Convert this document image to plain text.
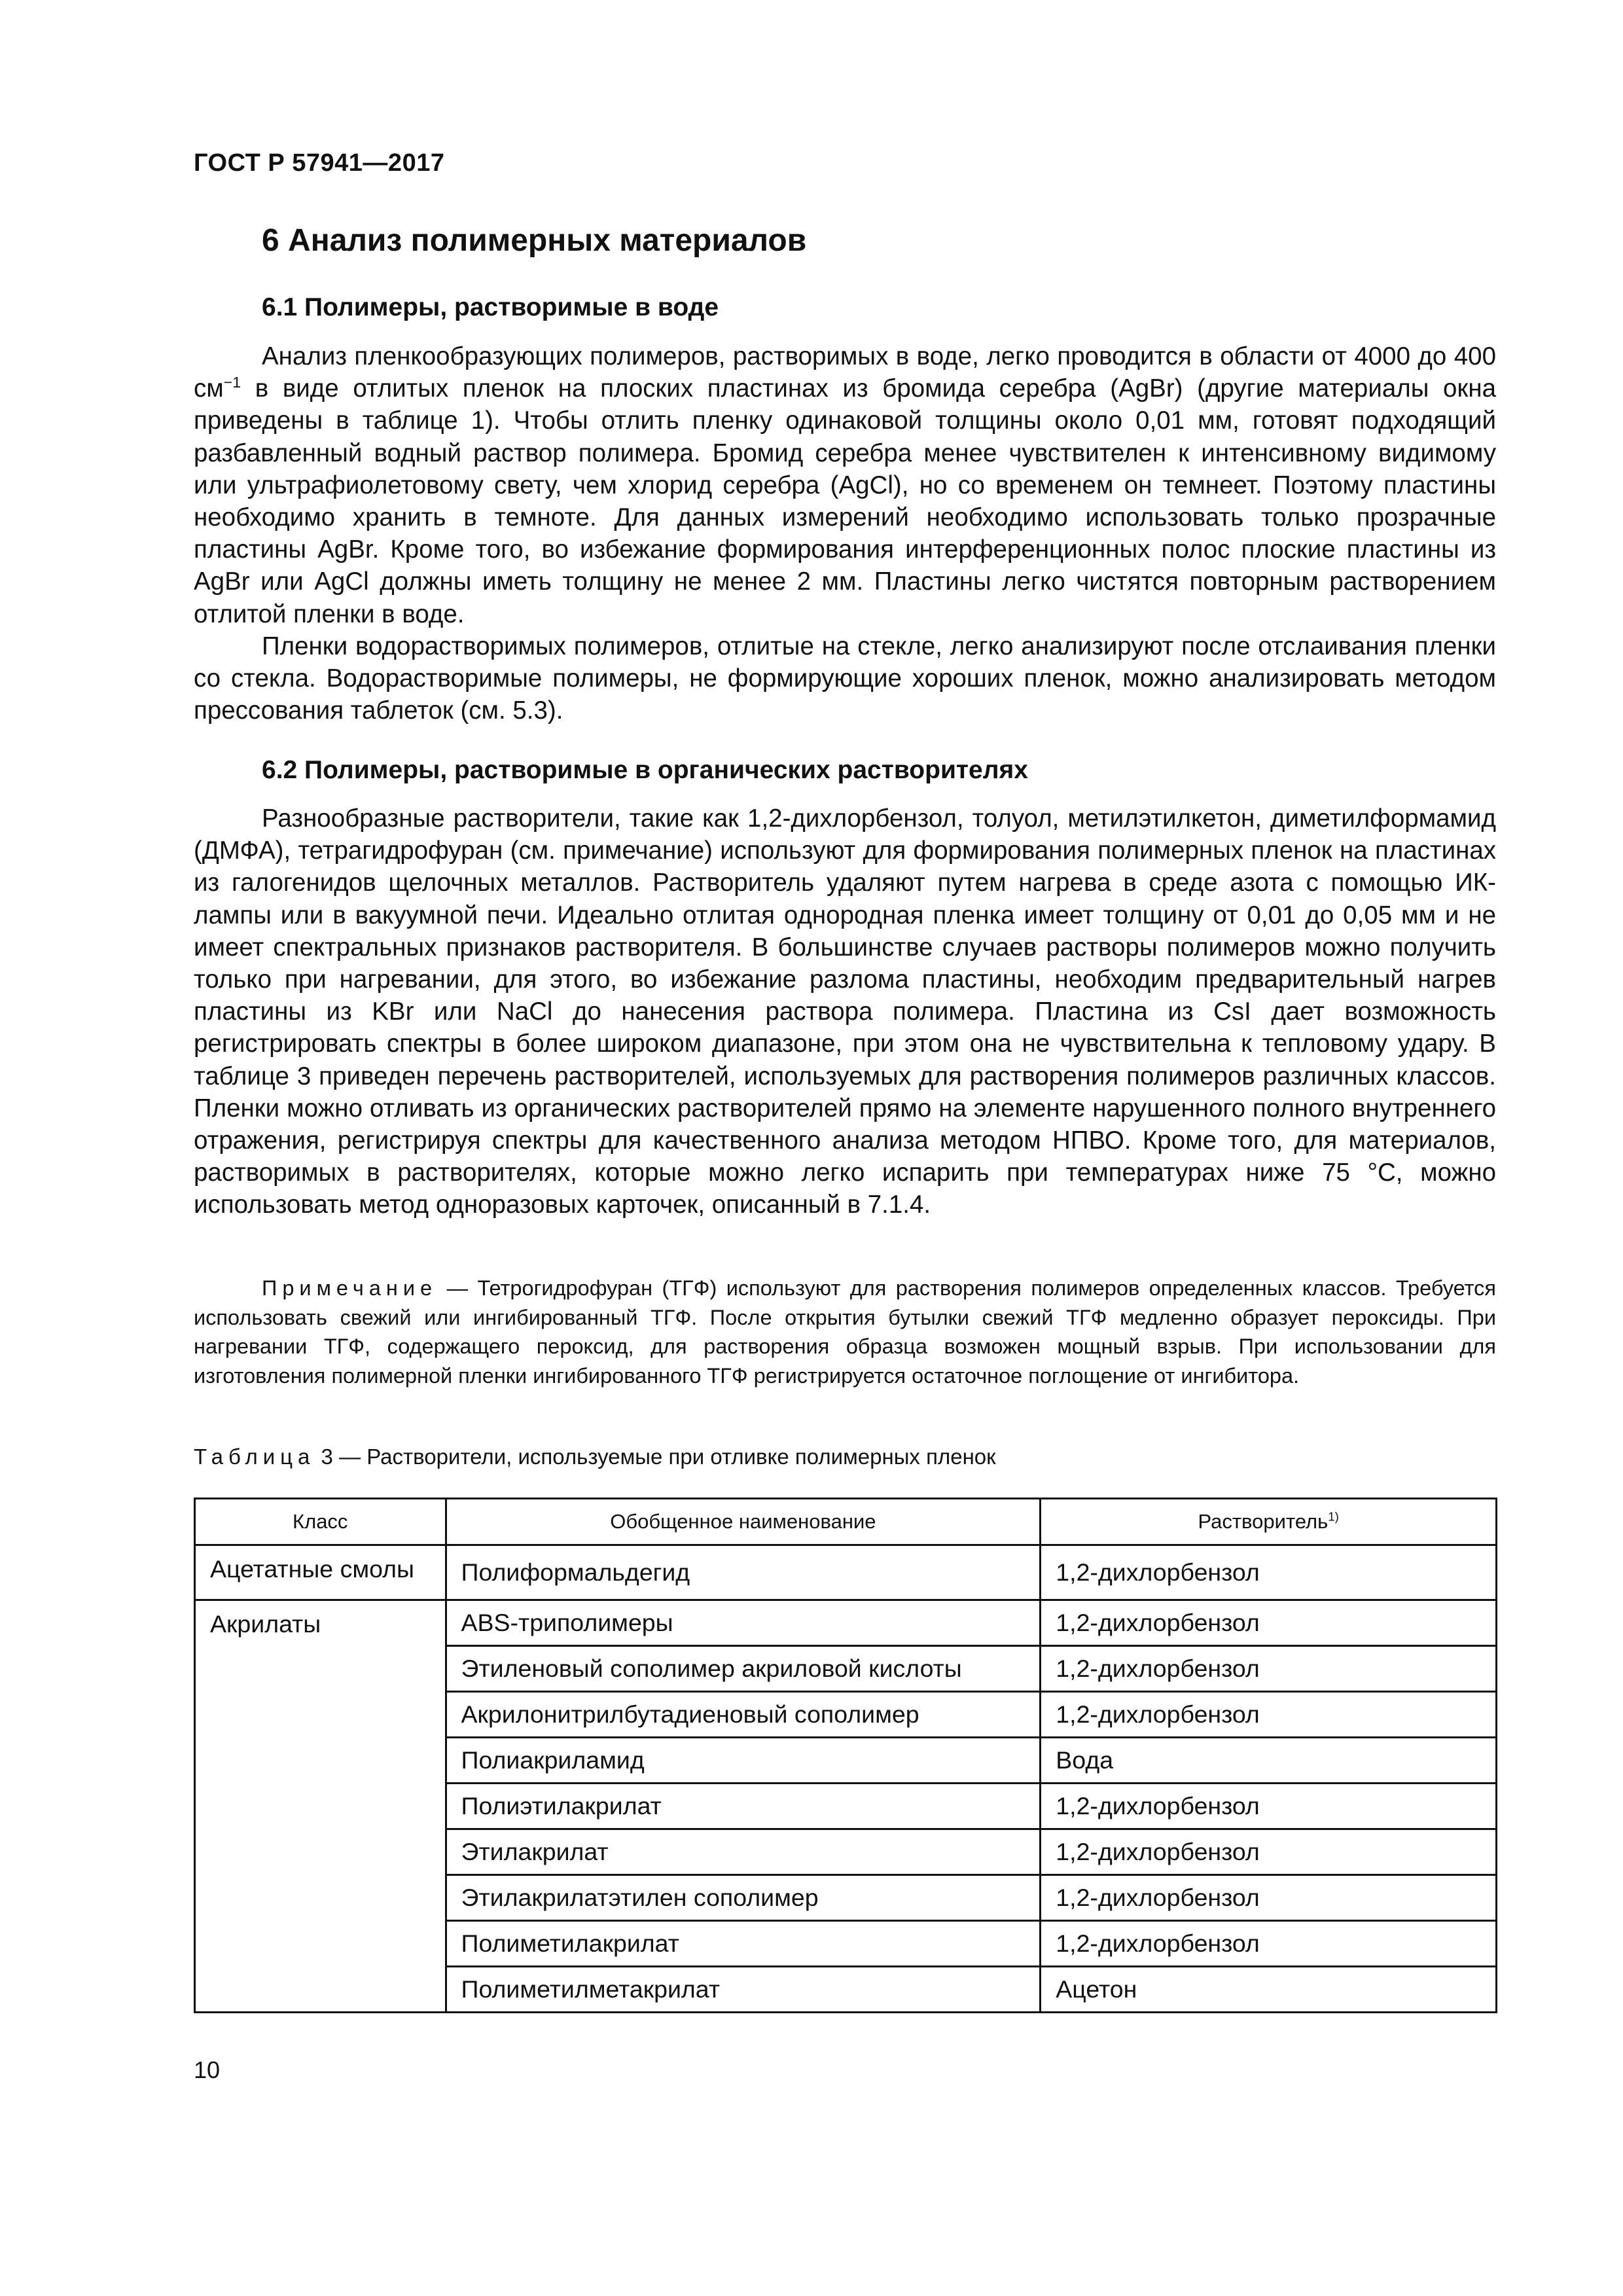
ГОСТ Р 57941—2017
6 Анализ полимерных материалов
6.1 Полимеры, растворимые в воде

Анализ пленкообразующих полимеров, растворимых в воде, легко проводится в области от 4000 до 400 $см^{-1}$ в виде отлитых пленок на плоских пластинах из бромида серебра (AgBr) (другие материалы окна приведены в таблице 1). Чтобы отлить пленку одинаковой толщины около 0,01 мм, готовят подходящий разбавленный водный раствор полимера. Бромид серебра менее чувствителен к интенсивному видимому или ультрафиолетовому свету, чем хлорид серебра (AgCl), но со временем он темнеет. Поэтому пластины необходимо хранить в темноте. Для данных измерений необходимо использовать только прозрачные пластины AgBr. Кроме того, во избежание формирования интерференционных полос плоские пластины из AgBr или AgCl должны иметь толщину не менее 2 мм. Пластины легко чистятся повторным растворением отлитой пленки в воде.

Пленки водорастворимых полимеров, отлитые на стекле, легко анализируют после отслаивания пленки со стекла. Водорастворимые полимеры, не формирующие хороших пленок, можно анализировать методом прессования таблеток (см. 5.3).

6.2 Полимеры, растворимые в органических растворителях

Разнообразные растворители, такие как 1,2-дихлорбензол, толуол, метилэтилкетон, диметилформамид (ДМФА), тетрагидрофуран (см. примечание) используют для формирования полимерных пленок на пластинах из галогенидов щелочных металлов. Растворитель удаляют путем нагрева в среде азота с помощью ИК-лампы или в вакуумной печи. Идеально отлитая однородная пленка имеет толщину от 0,01 до 0,05 мм и не имеет спектральных признаков растворителя. В большинстве случаев растворы полимеров можно получить только при нагревании, для этого, во избежание разлома пластины, необходим предварительный нагрев пластины из KBr или NaCl до нанесения раствора полимера. Пластина из CsI дает возможность регистрировать спектры в более широком диапазоне, при этом она не чувствительна к тепловому удару. В таблице 3 приведен перечень растворителей, используемых для растворения полимеров различных классов. Пленки можно отливать из органических растворителей прямо на элементе нарушенного полного внутреннего отражения, регистрируя спектры для качественного анализа методом НПВО. Кроме того, для материалов, растворимых в растворителях, которые можно легко испарить при температурах ниже 75 °С, можно использовать метод одноразовых карточек, описанный в 7.1.4.

Примечание — Тетрогидрофуран (ТГФ) используют для растворения полимеров определенных классов. Требуется использовать свежий или ингибированный ТГФ. После открытия бутылки свежий ТГФ медленно образует пероксиды. При нагревании ТГФ, содержащего пероксид, для растворения образца возможен мощный взрыв. При использовании для изготовления полимерной пленки ингибированного ТГФ регистрируется остаточное поглощение от ингибитора.

Таблица 3 — Растворители, используемые при отливке полимерных пленок
Класс	Обобщенное наименование	Растворитель$^{1)}$
Ацетатные смолы	Полиформальдегид	1,2-дихлорбензол
Акрилаты	ABS-триполимеры	1,2-дихлорбензол
	Этиленовый сополимер акриловой кислоты	1,2-дихлорбензол
	Акрилонитрилбутадиеновый сополимер	1,2-дихлорбензол
	Полиакриламид	Вода
	Полиэтилакрилат	1,2-дихлорбензол
	Этилакрилат	1,2-дихлорбензол
	Этилакрилатэтилен сополимер	1,2-дихлорбензол
	Полиметилакрилат	1,2-дихлорбензол
	Полиметилметакрилат	Ацетон
10
